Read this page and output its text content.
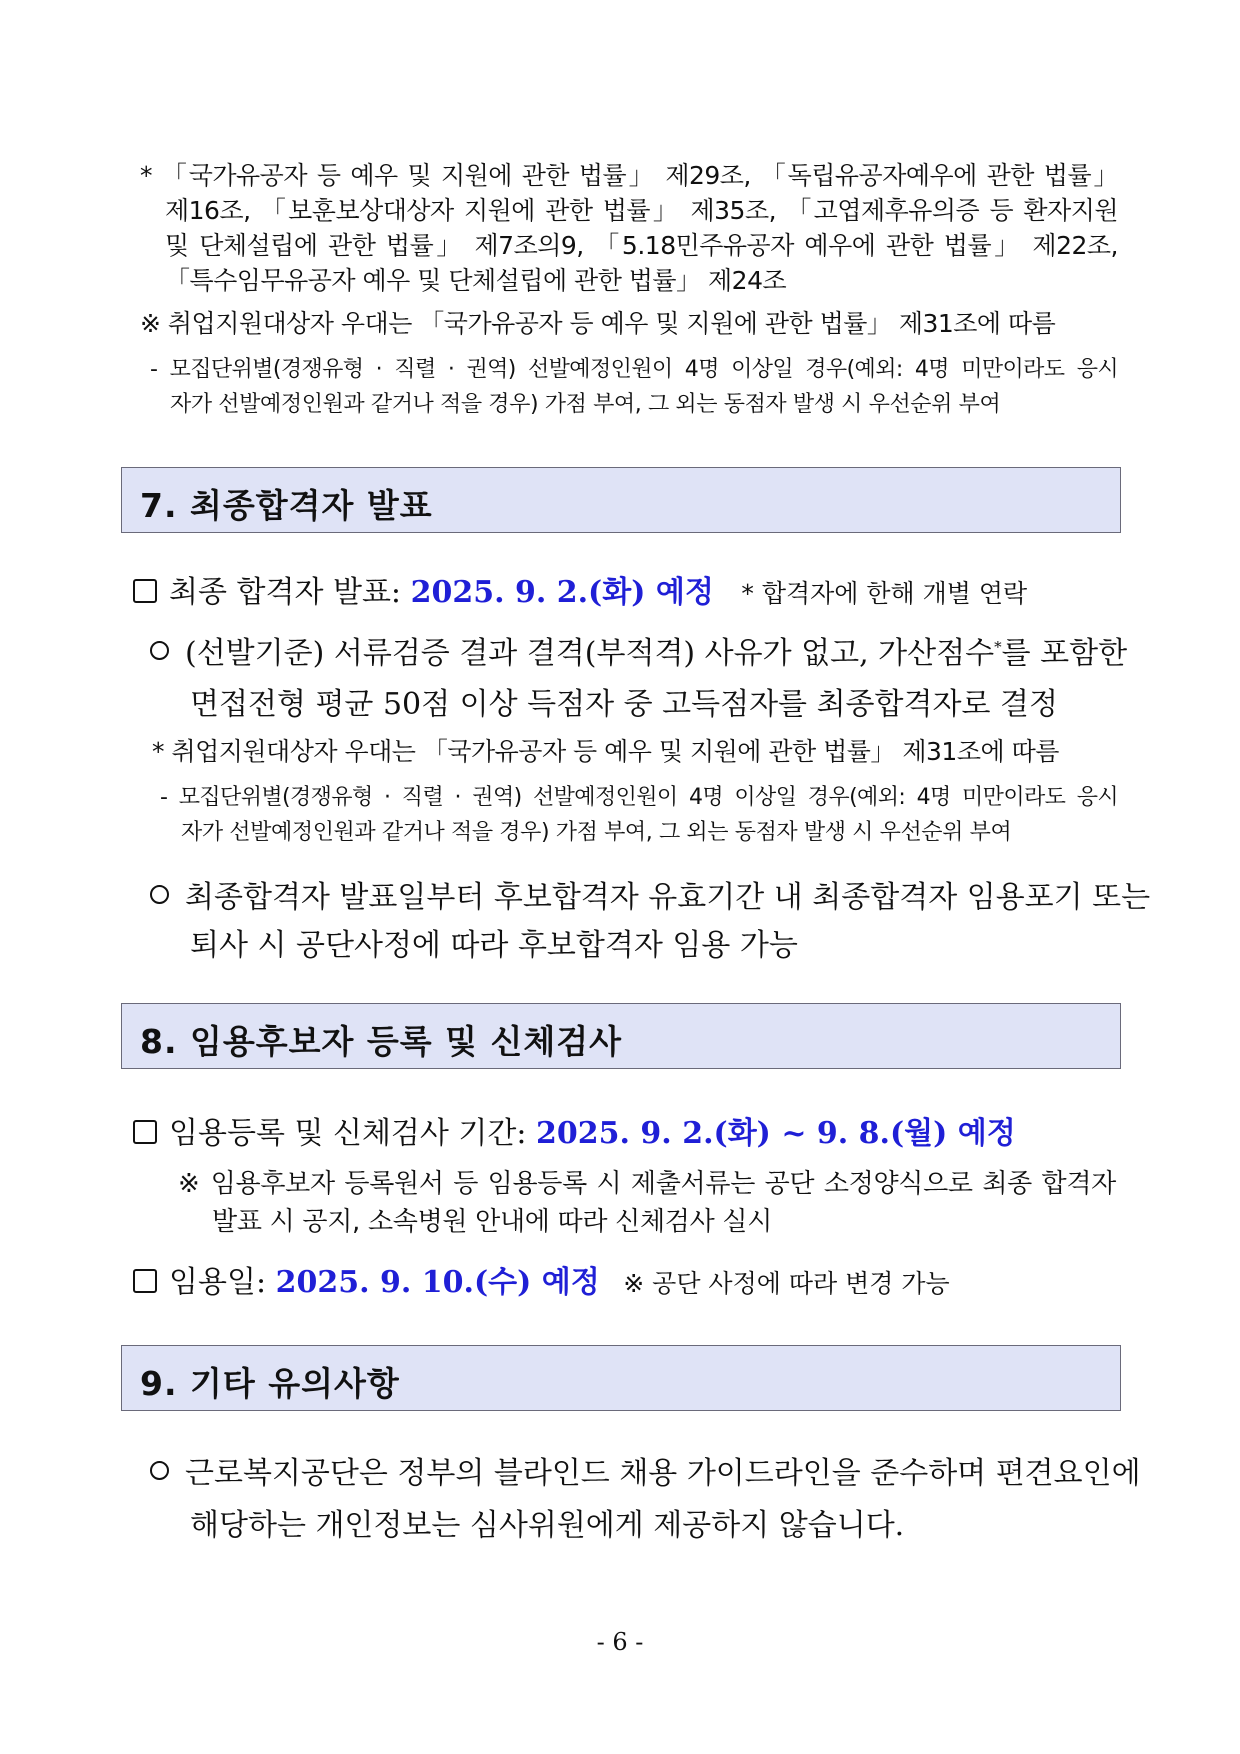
* 「국가유공자 등 예우 및 지원에 관한 법률」 제29조, 「독립유공자예우에 관한 법률」
제16조, 「보훈보상대상자 지원에 관한 법률」 제35조, 「고엽제후유의증 등 환자지원
및 단체설립에 관한 법률」 제7조의9, 「5.18민주유공자 예우에 관한 법률」 제22조,
「특수임무유공자 예우 및 단체설립에 관한 법률」 제24조
※ 취업지원대상자 우대는 「국가유공자 등 예우 및 지원에 관한 법률」 제31조에 따름
- 모집단위별(경쟁유형 · 직렬 · 권역) 선발예정인원이 4명 이상일 경우(예외: 4명 미만이라도 응시
자가 선발예정인원과 같거나 적을 경우) 가점 부여, 그 외는 동점자 발생 시 우선순위 부여
7. 최종합격자 발표
최종 합격자 발표: 2025. 9. 2.(화) 예정 * 합격자에 한해 개별 연락
(선발기준) 서류검증 결과 결격(부적격) 사유가 없고, 가산점수*를 포함한
면접전형 평균 50점 이상 득점자 중 고득점자를 최종합격자로 결정
* 취업지원대상자 우대는 「국가유공자 등 예우 및 지원에 관한 법률」 제31조에 따름
- 모집단위별(경쟁유형 · 직렬 · 권역) 선발예정인원이 4명 이상일 경우(예외: 4명 미만이라도 응시
자가 선발예정인원과 같거나 적을 경우) 가점 부여, 그 외는 동점자 발생 시 우선순위 부여
최종합격자 발표일부터 후보합격자 유효기간 내 최종합격자 임용포기 또는
퇴사 시 공단사정에 따라 후보합격자 임용 가능
8. 임용후보자 등록 및 신체검사
임용등록 및 신체검사 기간: 2025. 9. 2.(화) ~ 9. 8.(월) 예정
※ 임용후보자 등록원서 등 임용등록 시 제출서류는 공단 소정양식으로 최종 합격자
발표 시 공지, 소속병원 안내에 따라 신체검사 실시
임용일: 2025. 9. 10.(수) 예정 ※ 공단 사정에 따라 변경 가능
9. 기타 유의사항
근로복지공단은 정부의 블라인드 채용 가이드라인을 준수하며 편견요인에
해당하는 개인정보는 심사위원에게 제공하지 않습니다.
- 6 -
